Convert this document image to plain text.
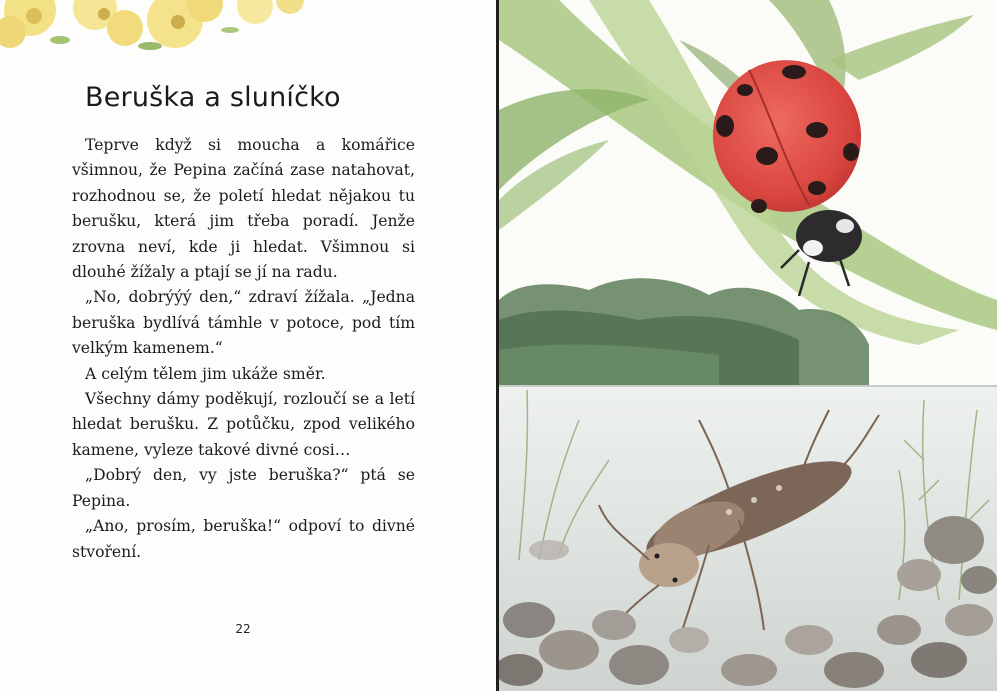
Beruška a sluníčko

Teprve když si moucha a komářice všimnou, že Pepina začíná zase natahovat, rozhodnou se, že poletí hledat nějakou tu berušku, která jim třeba poradí. Jenže zrovna neví, kde ji hledat. Všimnou si dlouhé žížaly a ptají se jí na radu.

„No, dobrýýý den,“ zdraví žížala. „Jedna beruška bydlívá támhle v potoce, pod tím velkým kamenem.“

A celým tělem jim ukáže směr.

Všechny dámy poděkují, rozloučí se a letí hledat berušku. Z potůčku, zpod velikého kamene, vyleze takové divné cosi…

„Dobrý den, vy jste beruška?“ ptá se Pepina.

„Ano, prosím, beruška!“ odpoví to divné stvoření.

22
